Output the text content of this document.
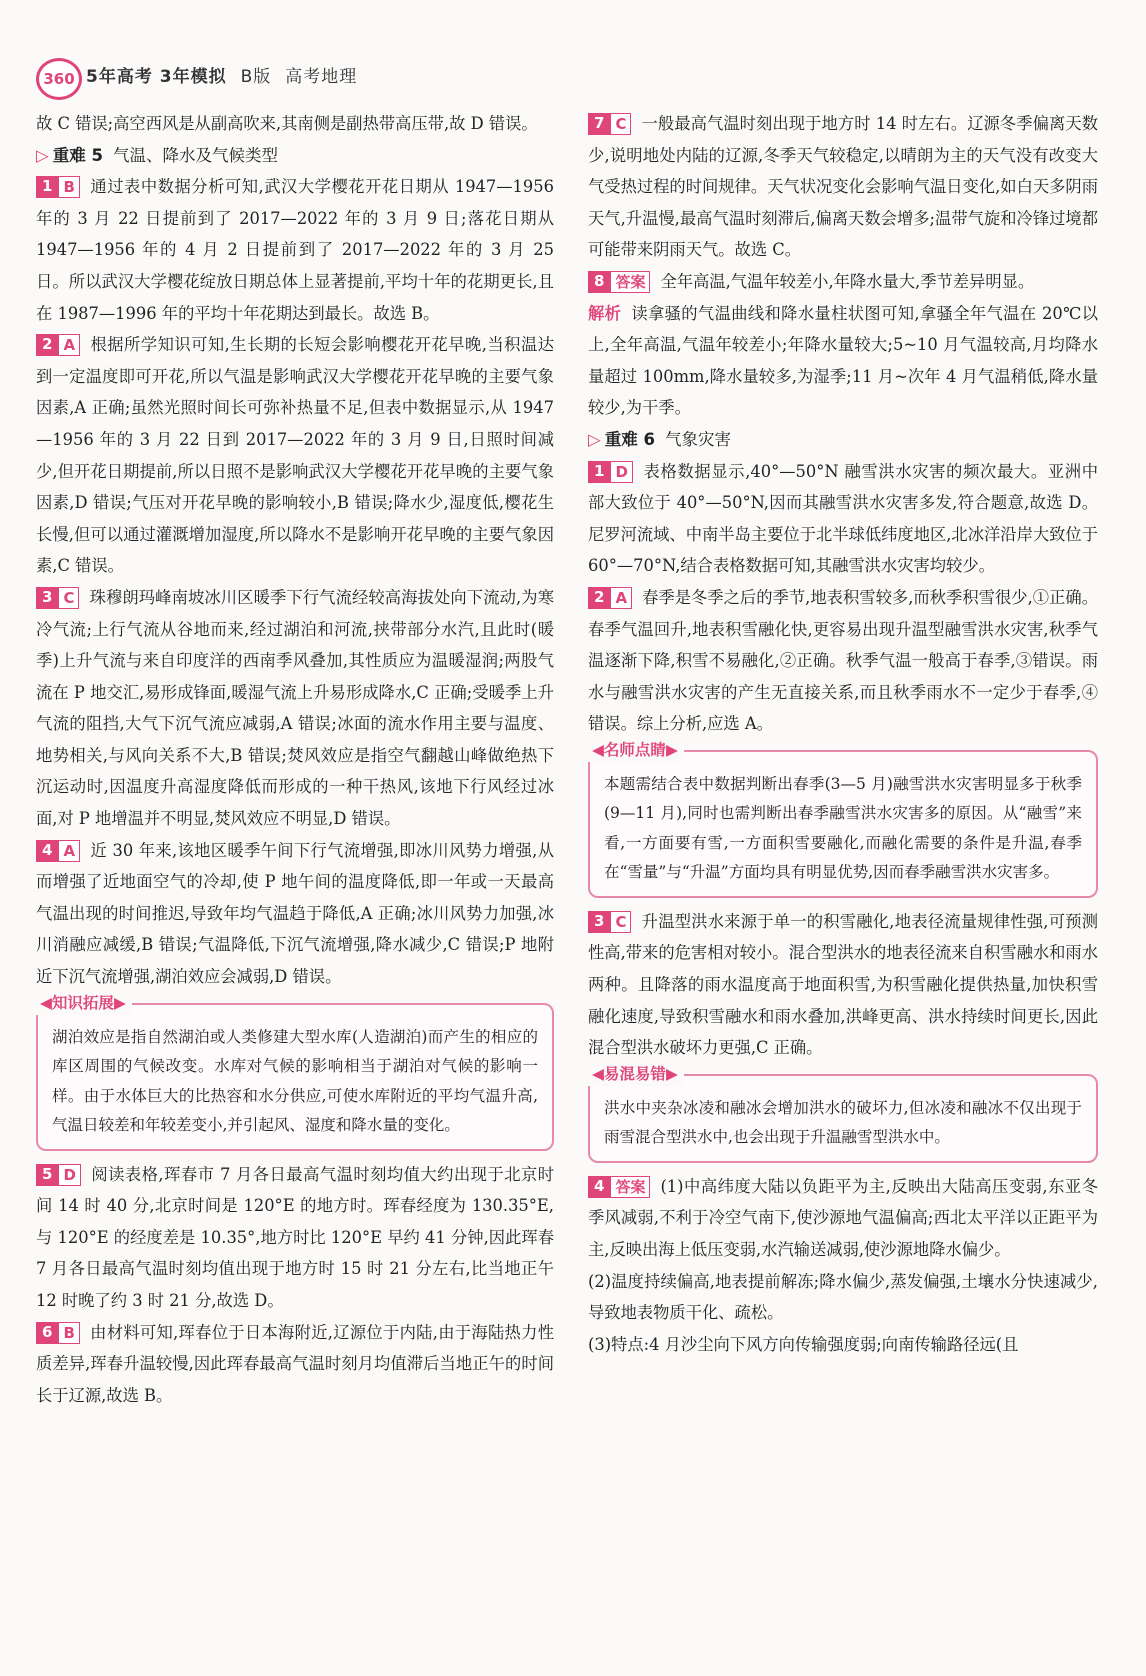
360 5年高考 3年模拟 B版 高考地理

故 C 错误;高空西风是从副高吹来,其南侧是副热带高压带,故 D 错误。

▷ 重难 5 气温、降水及气候类型

1 B 通过表中数据分析可知,武汉大学樱花开花日期从 1947—1956 年的 3 月 22 日提前到了 2017—2022 年的 3 月 9 日;落花日期从 1947—1956 年的 4 月 2 日提前到了 2017—2022 年的 3 月 25 日。所以武汉大学樱花绽放日期总体上显著提前,平均十年的花期更长,且在 1987—1996 年的平均十年花期达到最长。故选 B。

2 A 根据所学知识可知,生长期的长短会影响樱花开花早晚,当积温达到一定温度即可开花,所以气温是影响武汉大学樱花开花早晚的主要气象因素,A 正确;虽然光照时间长可弥补热量不足,但表中数据显示,从 1947—1956 年的 3 月 22 日到 2017—2022 年的 3 月 9 日,日照时间减少,但开花日期提前,所以日照不是影响武汉大学樱花开花早晚的主要气象因素,D 错误;气压对开花早晚的影响较小,B 错误;降水少,湿度低,樱花生长慢,但可以通过灌溉增加湿度,所以降水不是影响开花早晚的主要气象因素,C 错误。

3 C 珠穆朗玛峰南坡冰川区暖季下行气流经较高海拔处向下流动,为寒冷气流;上行气流从谷地而来,经过湖泊和河流,挟带部分水汽,且此时(暖季)上升气流与来自印度洋的西南季风叠加,其性质应为温暖湿润;两股气流在 P 地交汇,易形成锋面,暖湿气流上升易形成降水,C 正确;受暖季上升气流的阻挡,大气下沉气流应减弱,A 错误;冰面的流水作用主要与温度、地势相关,与风向关系不大,B 错误;焚风效应是指空气翻越山峰做绝热下沉运动时,因温度升高湿度降低而形成的一种干热风,该地下行风经过冰面,对 P 地增温并不明显,焚风效应不明显,D 错误。

4 A 近 30 年来,该地区暖季午间下行气流增强,即冰川风势力增强,从而增强了近地面空气的冷却,使 P 地午间的温度降低,即一年或一天最高气温出现的时间推迟,导致年均气温趋于降低,A 正确;冰川风势力加强,冰川消融应减缓,B 错误;气温降低,下沉气流增强,降水减少,C 错误;P 地附近下沉气流增强,湖泊效应会减弱,D 错误。

◀知识拓展▶
湖泊效应是指自然湖泊或人类修建大型水库(人造湖泊)而产生的相应的库区周围的气候改变。水库对气候的影响相当于湖泊对气候的影响一样。由于水体巨大的比热容和水分供应,可使水库附近的平均气温升高,气温日较差和年较差变小,并引起风、湿度和降水量的变化。

5 D 阅读表格,珲春市 7 月各日最高气温时刻均值大约出现于北京时间 14 时 40 分,北京时间是 120°E 的地方时。珲春经度为 130.35°E,与 120°E 的经度差是 10.35°,地方时比 120°E 早约 41 分钟,因此珲春 7 月各日最高气温时刻均值出现于地方时 15 时 21 分左右,比当地正午 12 时晚了约 3 时 21 分,故选 D。

6 B 由材料可知,珲春位于日本海附近,辽源位于内陆,由于海陆热力性质差异,珲春升温较慢,因此珲春最高气温时刻月均值滞后当地正午的时间长于辽源,故选 B。

7 C 一般最高气温时刻出现于地方时 14 时左右。辽源冬季偏离天数少,说明地处内陆的辽源,冬季天气较稳定,以晴朗为主的天气没有改变大气受热过程的时间规律。天气状况变化会影响气温日变化,如白天多阴雨天气,升温慢,最高气温时刻滞后,偏离天数会增多;温带气旋和冷锋过境都可能带来阴雨天气。故选 C。

8 答案 全年高温,气温年较差小,年降水量大,季节差异明显。

解析 读拿骚的气温曲线和降水量柱状图可知,拿骚全年气温在 20℃以上,全年高温,气温年较差小;年降水量较大;5~10 月气温较高,月均降水量超过 100mm,降水量较多,为湿季;11 月~次年 4 月气温稍低,降水量较少,为干季。

▷ 重难 6 气象灾害

1 D 表格数据显示,40°—50°N 融雪洪水灾害的频次最大。亚洲中部大致位于 40°—50°N,因而其融雪洪水灾害多发,符合题意,故选 D。尼罗河流域、中南半岛主要位于北半球低纬度地区,北冰洋沿岸大致位于 60°—70°N,结合表格数据可知,其融雪洪水灾害均较少。

2 A 春季是冬季之后的季节,地表积雪较多,而秋季积雪很少,①正确。春季气温回升,地表积雪融化快,更容易出现升温型融雪洪水灾害,秋季气温逐渐下降,积雪不易融化,②正确。秋季气温一般高于春季,③错误。雨水与融雪洪水灾害的产生无直接关系,而且秋季雨水不一定少于春季,④错误。综上分析,应选 A。

◀名师点睛▶
本题需结合表中数据判断出春季(3—5 月)融雪洪水灾害明显多于秋季(9—11 月),同时也需判断出春季融雪洪水灾害多的原因。从“融雪”来看,一方面要有雪,一方面积雪要融化,而融化需要的条件是升温,春季在“雪量”与“升温”方面均具有明显优势,因而春季融雪洪水灾害多。

3 C 升温型洪水来源于单一的积雪融化,地表径流量规律性强,可预测性高,带来的危害相对较小。混合型洪水的地表径流来自积雪融水和雨水两种。且降落的雨水温度高于地面积雪,为积雪融化提供热量,加快积雪融化速度,导致积雪融水和雨水叠加,洪峰更高、洪水持续时间更长,因此混合型洪水破坏力更强,C 正确。

◀易混易错▶
洪水中夹杂冰凌和融冰会增加洪水的破坏力,但冰凌和融冰不仅出现于雨雪混合型洪水中,也会出现于升温融雪型洪水中。

4 答案 (1)中高纬度大陆以负距平为主,反映出大陆高压变弱,东亚冬季风减弱,不利于冷空气南下,使沙源地气温偏高;西北太平洋以正距平为主,反映出海上低压变弱,水汽输送减弱,使沙源地降水偏少。

(2)温度持续偏高,地表提前解冻;降水偏少,蒸发偏强,土壤水分快速减少,导致地表物质干化、疏松。

(3)特点:4 月沙尘向下风方向传输强度弱;向南传输路径远(且
